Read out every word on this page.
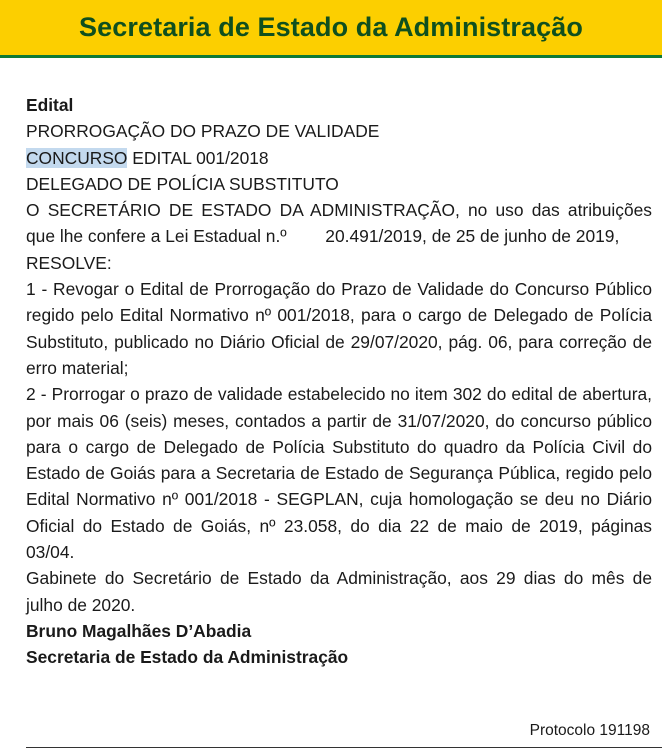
Secretaria de Estado da Administração

Edital

PRORROGAÇÃO DO PRAZO DE VALIDADE

CONCURSO EDITAL 001/2018

DELEGADO DE POLÍCIA SUBSTITUTO

O SECRETÁRIO DE ESTADO DA ADMINISTRAÇÃO, no uso das atribuições que lhe confere a Lei Estadual n.º 20.491/2019, de 25 de junho de 2019,

RESOLVE:

1 - Revogar o Edital de Prorrogação do Prazo de Validade do Concurso Público regido pelo Edital Normativo nº 001/2018, para o cargo de Delegado de Polícia Substituto, publicado no Diário Oficial de 29/07/2020, pág. 06, para correção de erro material;

2 - Prorrogar o prazo de validade estabelecido no item 302 do edital de abertura, por mais 06 (seis) meses, contados a partir de 31/07/2020, do concurso público para o cargo de Delegado de Polícia Substituto do quadro da Polícia Civil do Estado de Goiás para a Secretaria de Estado de Segurança Pública, regido pelo Edital Normativo nº 001/2018 - SEGPLAN, cuja homologação se deu no Diário Oficial do Estado de Goiás, nº 23.058, do dia 22 de maio de 2019, páginas 03/04.

Gabinete do Secretário de Estado da Administração, aos 29 dias do mês de julho de 2020.

Bruno Magalhães D’Abadia

Secretaria de Estado da Administração

Protocolo 191198
